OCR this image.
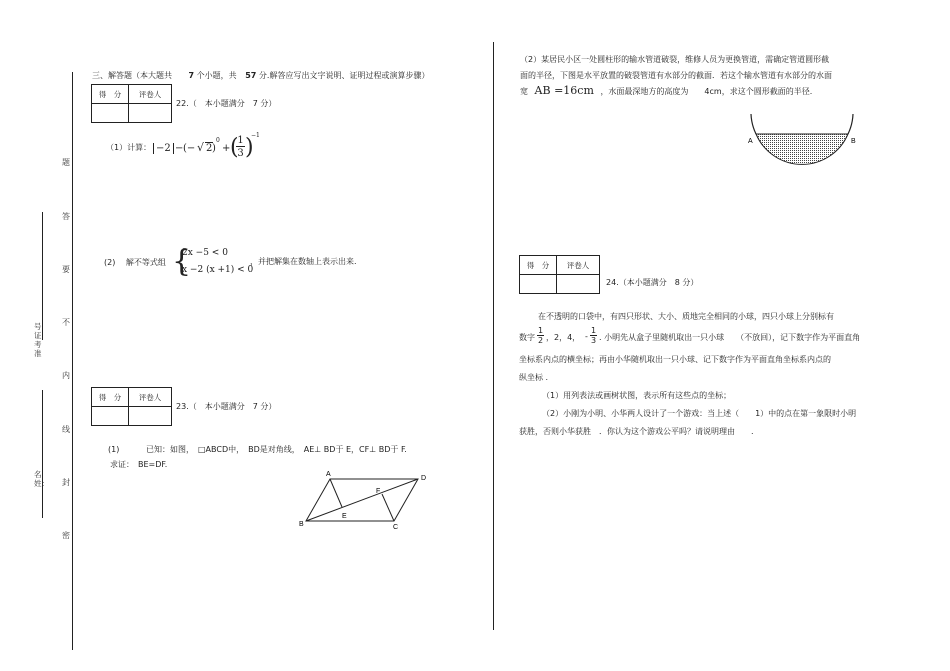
题
答
要
不
内
线
封
密
号证考准
名姓：
三、解答题（本大题共 7 个小题，共 57 分.解答应写出文字说明、证明过程或演算步骤）
得　分	评卷人

22.（　本小题满分　7 分）
（1）计算： −2 − (− √ 2 )
0
+ (
1
3 )
−1
(2)　 解不等式组 {
2x −5 < 0
x −2 (x +1) < 0
，并把解集在数轴上表示出来.
得　分	评卷人

23.（　本小题满分　7 分）
(1)	已知：如图，　□ABCD中，　BD是对角线，　AE⊥ BD于 E，CF⊥ BD于 F.
求证：　BE=DF.
A
D
F
E
B	C
（2）某居民小区一处圆柱形的输水管道破裂，维修人员为更换管道，需确定管道圆形截
面的半径，下图是水平放置的破裂管道有水部分的截面．若这个输水管道有水部分的水面
宽 AB =16cm ，水面最深地方的高度为　　4cm，求这个圆形截面的半径.
A	B
得　分	评卷人

24.（本小题满分　8 分）
在不透明的口袋中，有四只形状、大小、质地完全相同的小球，四只小球上分别标有
数字
1
2 ，2，4， -
1
3 . 小明先从盒子里随机取出一只小球　　（不放回），记下数字作为平面直角
坐标系内点的横坐标；再由小华随机取出一只小球、记下数字作为平面直角坐标系内点的
纵坐标 .
（1）用列表法或画树状图，表示所有这些点的坐标；
（2）小刚为小明、小华两人设计了一个游戏：当上述（　　1）中的点在第一象限时小明
获胜，否则小华获胜　．你认为这个游戏公平吗？请说明理由　　.
